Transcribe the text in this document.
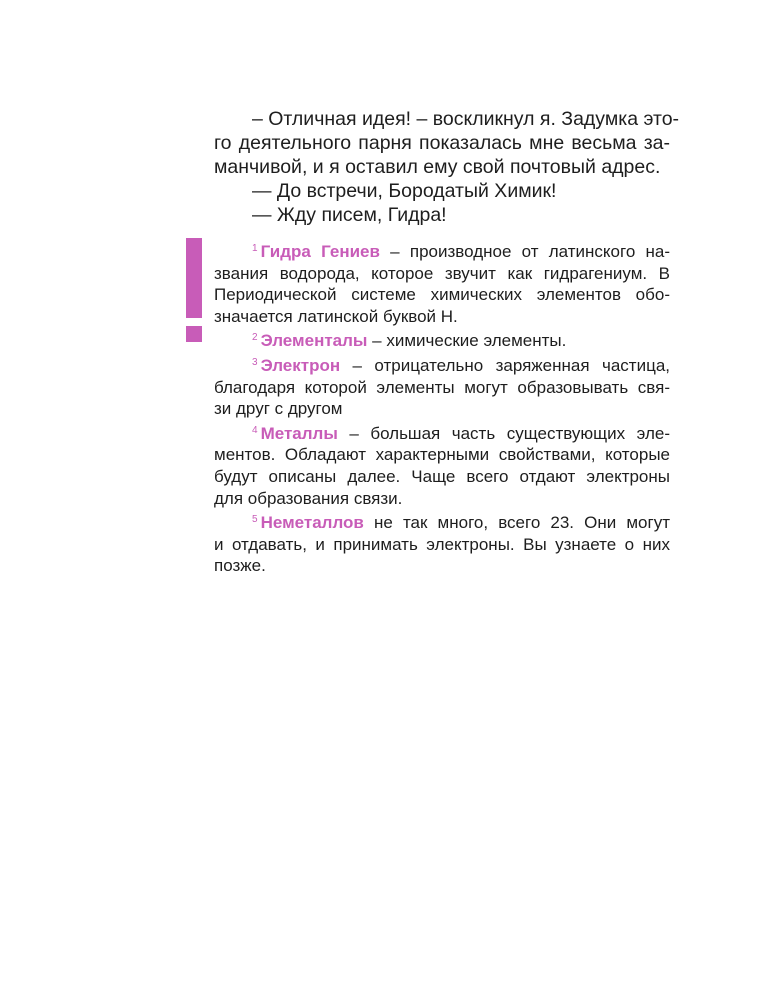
– Отличная идея! – воскликнул я. Задумка это-
го деятельного парня показалась мне весьма за-
манчивой, и я оставил ему свой почтовый адрес.

— До встречи, Бородатый Химик!

— Жду писем, Гидра!

$^1$ Гидра Гениев – производное от латинского на-
звания водорода, которое звучит как гидрагениум. В
Периодической системе химических элементов обо-
значается латинской буквой Н.
$^2$ Элементалы – химические элементы.
$^3$ Электрон – отрицательно заряженная частица,
благодаря которой элементы могут образовывать свя-
зи друг с другом
$^4$ Металлы – большая часть существующих эле-
ментов. Обладают характерными свойствами, которые
будут описаны далее. Чаще всего отдают электроны
для образования связи.
$^5$ Неметаллов не так много, всего 23. Они могут
и отдавать, и принимать электроны. Вы узнаете о них
позже.
